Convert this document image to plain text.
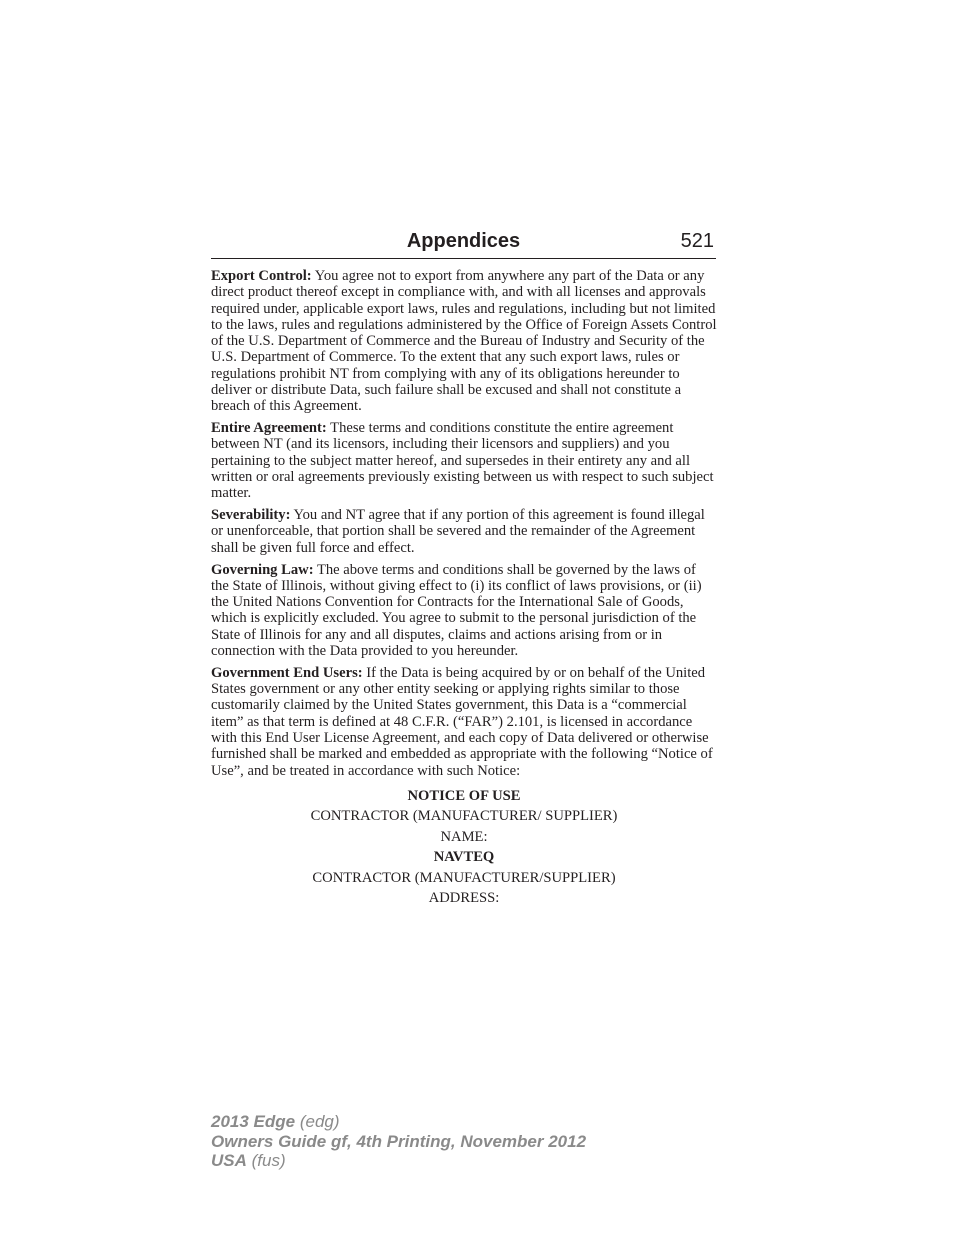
Appendices	521

Export Control: You agree not to export from anywhere any part of the Data or any direct product thereof except in compliance with, and with all licenses and approvals required under, applicable export laws, rules and regulations, including but not limited to the laws, rules and regulations administered by the Office of Foreign Assets Control of the U.S. Department of Commerce and the Bureau of Industry and Security of the U.S. Department of Commerce. To the extent that any such export laws, rules or regulations prohibit NT from complying with any of its obligations hereunder to deliver or distribute Data, such failure shall be excused and shall not constitute a breach of this Agreement.

Entire Agreement: These terms and conditions constitute the entire agreement between NT (and its licensors, including their licensors and suppliers) and you pertaining to the subject matter hereof, and supersedes in their entirety any and all written or oral agreements previously existing between us with respect to such subject matter.

Severability: You and NT agree that if any portion of this agreement is found illegal or unenforceable, that portion shall be severed and the remainder of the Agreement shall be given full force and effect.

Governing Law: The above terms and conditions shall be governed by the laws of the State of Illinois, without giving effect to (i) its conflict of laws provisions, or (ii) the United Nations Convention for Contracts for the International Sale of Goods, which is explicitly excluded. You agree to submit to the personal jurisdiction of the State of Illinois for any and all disputes, claims and actions arising from or in connection with the Data provided to you hereunder.

Government End Users: If the Data is being acquired by or on behalf of the United States government or any other entity seeking or applying rights similar to those customarily claimed by the United States government, this Data is a “commercial item” as that term is defined at 48 C.F.R. (“FAR”) 2.101, is licensed in accordance with this End User License Agreement, and each copy of Data delivered or otherwise furnished shall be marked and embedded as appropriate with the following “Notice of Use”, and be treated in accordance with such Notice:

NOTICE OF USE
CONTRACTOR (MANUFACTURER/ SUPPLIER)
NAME:
NAVTEQ
CONTRACTOR (MANUFACTURER/SUPPLIER)
ADDRESS:
2013 Edge (edg)
Owners Guide gf, 4th Printing, November 2012
USA (fus)
